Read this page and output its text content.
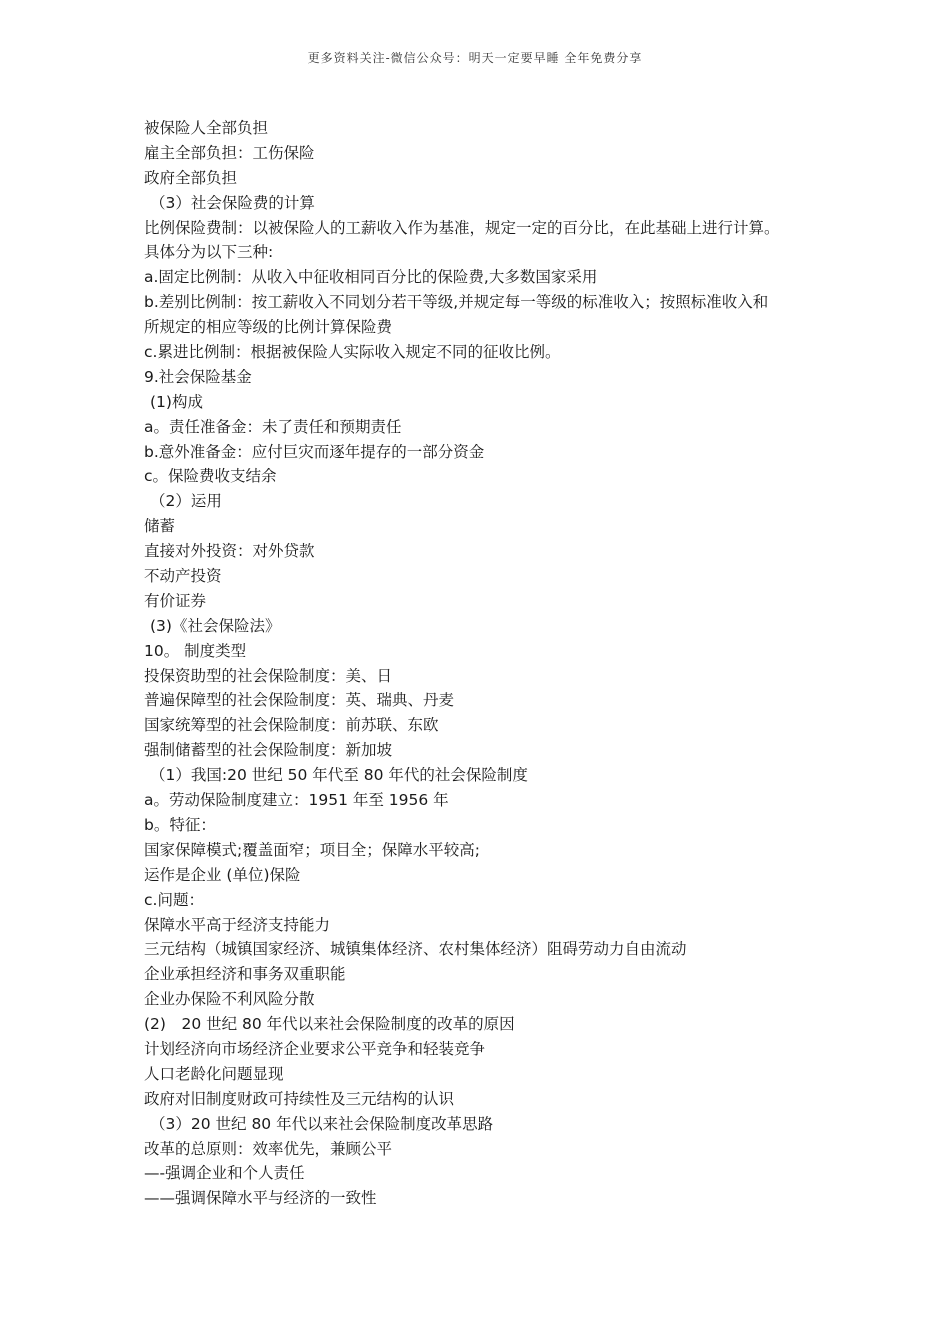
更多资料关注-微信公众号：明天一定要早睡 全年免费分享

被保险人全部负担

雇主全部负担：工伤保险

政府全部负担

（3）社会保险费的计算

比例保险费制：以被保险人的工薪收入作为基准，规定一定的百分比，在此基础上进行计算。

具体分为以下三种:

a.固定比例制：从收入中征收相同百分比的保险费,大多数国家采用

b.差别比例制：按工薪收入不同划分若干等级,并规定每一等级的标准收入；按照标准收入和

所规定的相应等级的比例计算保险费

c.累进比例制：根据被保险人实际收入规定不同的征收比例。

9.社会保险基金

(1)构成

a。责任准备金：未了责任和预期责任

b.意外准备金：应付巨灾而逐年提存的一部分资金

c。保险费收支结余

（2）运用

储蓄

直接对外投资：对外贷款

不动产投资

有价证券

(3)《社会保险法》

10。 制度类型

投保资助型的社会保险制度：美、日

普遍保障型的社会保险制度：英、瑞典、丹麦

国家统筹型的社会保险制度：前苏联、东欧

强制储蓄型的社会保险制度：新加坡

（1）我国:20 世纪 50 年代至 80 年代的社会保险制度

a。劳动保险制度建立：1951 年至 1956 年

b。特征：

国家保障模式;覆盖面窄；项目全；保障水平较高;

运作是企业 (单位)保险

c.问题：

保障水平高于经济支持能力

三元结构（城镇国家经济、城镇集体经济、农村集体经济）阻碍劳动力自由流动

企业承担经济和事务双重职能

企业办保险不利风险分散

(2)　20 世纪 80 年代以来社会保险制度的改革的原因

计划经济向市场经济企业要求公平竞争和轻装竞争

人口老龄化问题显现

政府对旧制度财政可持续性及三元结构的认识

（3）20 世纪 80 年代以来社会保险制度改革思路

改革的总原则：效率优先，兼顾公平

—-强调企业和个人责任

——强调保障水平与经济的一致性
